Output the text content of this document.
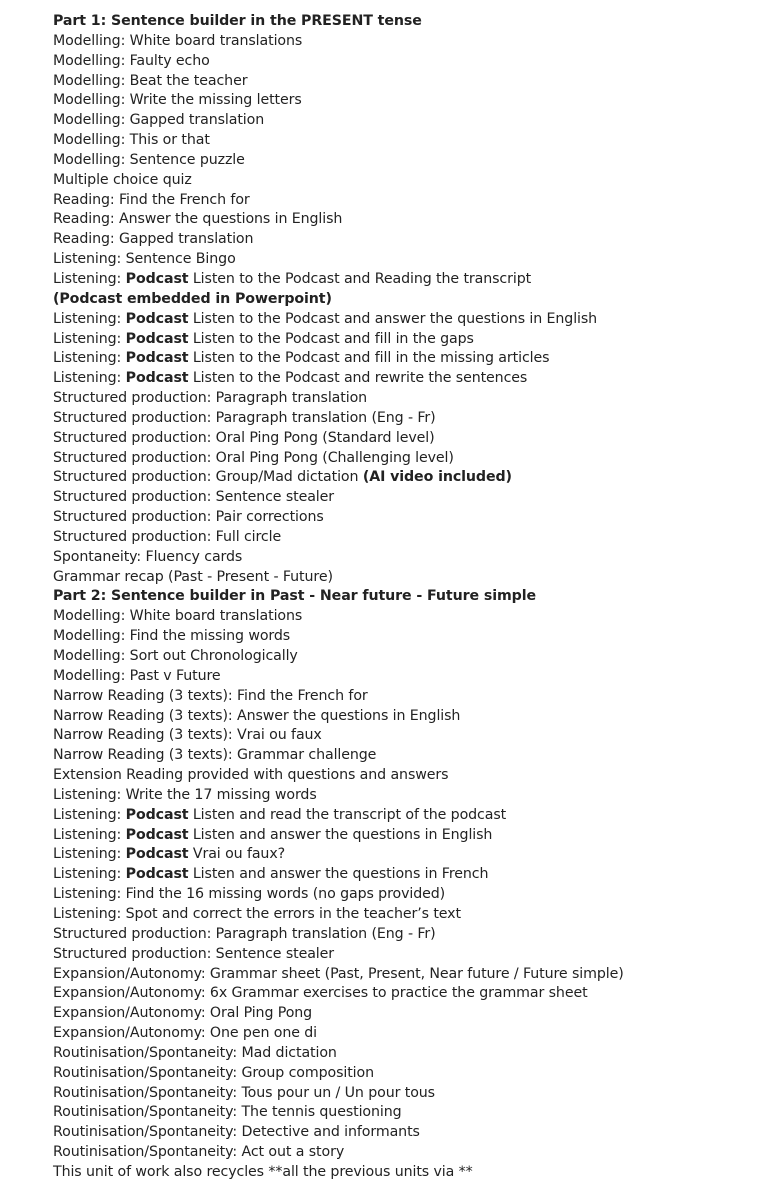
Part 1: Sentence builder in the PRESENT tense
Modelling: White board translations
Modelling: Faulty echo
Modelling: Beat the teacher
Modelling: Write the missing letters
Modelling: Gapped translation
Modelling: This or that
Modelling: Sentence puzzle
Multiple choice quiz
Reading: Find the French for
Reading: Answer the questions in English
Reading: Gapped translation
Listening: Sentence Bingo
Listening: Podcast Listen to the Podcast and Reading the transcript
(Podcast embedded in Powerpoint)
Listening: Podcast Listen to the Podcast and answer the questions in English
Listening: Podcast Listen to the Podcast and fill in the gaps
Listening: Podcast Listen to the Podcast and fill in the missing articles
Listening: Podcast Listen to the Podcast and rewrite the sentences
Structured production: Paragraph translation
Structured production: Paragraph translation (Eng - Fr)
Structured production: Oral Ping Pong (Standard level)
Structured production: Oral Ping Pong (Challenging level)
Structured production: Group/Mad dictation (AI video included)
Structured production: Sentence stealer
Structured production: Pair corrections
Structured production: Full circle
Spontaneity: Fluency cards
Grammar recap (Past - Present - Future)
Part 2: Sentence builder in Past - Near future - Future simple
Modelling: White board translations
Modelling: Find the missing words
Modelling: Sort out Chronologically
Modelling: Past v Future
Narrow Reading (3 texts): Find the French for
Narrow Reading (3 texts): Answer the questions in English
Narrow Reading (3 texts): Vrai ou faux
Narrow Reading (3 texts): Grammar challenge
Extension Reading provided with questions and answers
Listening: Write the 17 missing words
Listening: Podcast Listen and read the transcript of the podcast
Listening: Podcast Listen and answer the questions in English
Listening: Podcast Vrai ou faux?
Listening: Podcast Listen and answer the questions in French
Listening: Find the 16 missing words (no gaps provided)
Listening: Spot and correct the errors in the teacher’s text
Structured production: Paragraph translation (Eng - Fr)
Structured production: Sentence stealer
Expansion/Autonomy: Grammar sheet (Past, Present, Near future / Future simple)
Expansion/Autonomy: 6x Grammar exercises to practice the grammar sheet
Expansion/Autonomy: Oral Ping Pong
Expansion/Autonomy: One pen one di
Routinisation/Spontaneity: Mad dictation
Routinisation/Spontaneity: Group composition
Routinisation/Spontaneity: Tous pour un / Un pour tous
Routinisation/Spontaneity: The tennis questioning
Routinisation/Spontaneity: Detective and informants
Routinisation/Spontaneity: Act out a story
This unit of work also recycles **all the previous units via **
